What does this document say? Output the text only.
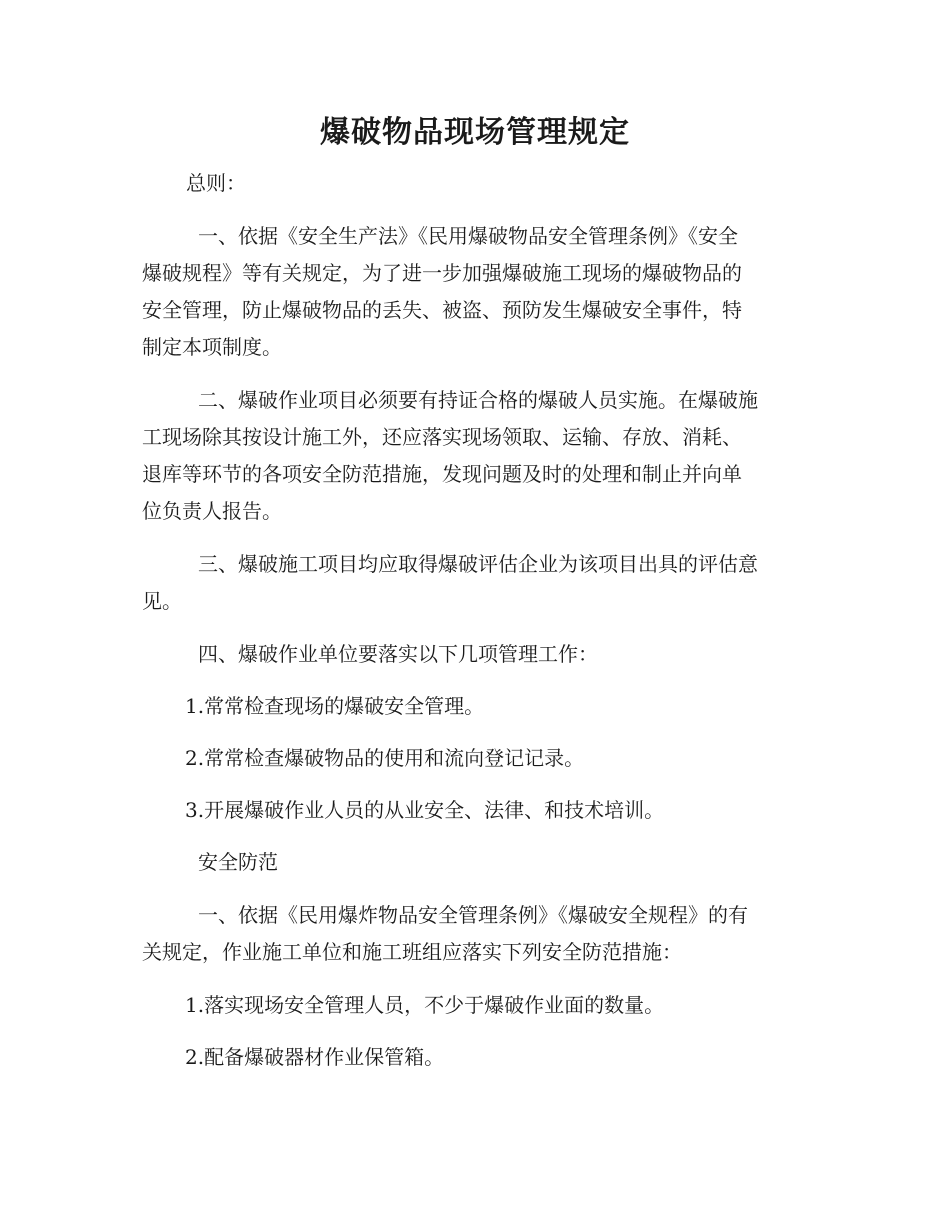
爆破物品现场管理规定
总则：
一、依据《安全生产法》《民用爆破物品安全管理条例》《安全
爆破规程》等有关规定，为了进一步加强爆破施工现场的爆破物品的
安全管理，防止爆破物品的丢失、被盗、预防发生爆破安全事件，特
制定本项制度。
二、爆破作业项目必须要有持证合格的爆破人员实施。在爆破施
工现场除其按设计施工外，还应落实现场领取、运输、存放、消耗、
退库等环节的各项安全防范措施，发现问题及时的处理和制止并向单
位负责人报告。
三、爆破施工项目均应取得爆破评估企业为该项目出具的评估意
见。
四、爆破作业单位要落实以下几项管理工作：
1.常常检查现场的爆破安全管理。
2.常常检查爆破物品的使用和流向登记记录。
3.开展爆破作业人员的从业安全、法律、和技术培训。
安全防范
一、依据《民用爆炸物品安全管理条例》《爆破安全规程》的有
关规定，作业施工单位和施工班组应落实下列安全防范措施：
1.落实现场安全管理人员，不少于爆破作业面的数量。
2.配备爆破器材作业保管箱。
